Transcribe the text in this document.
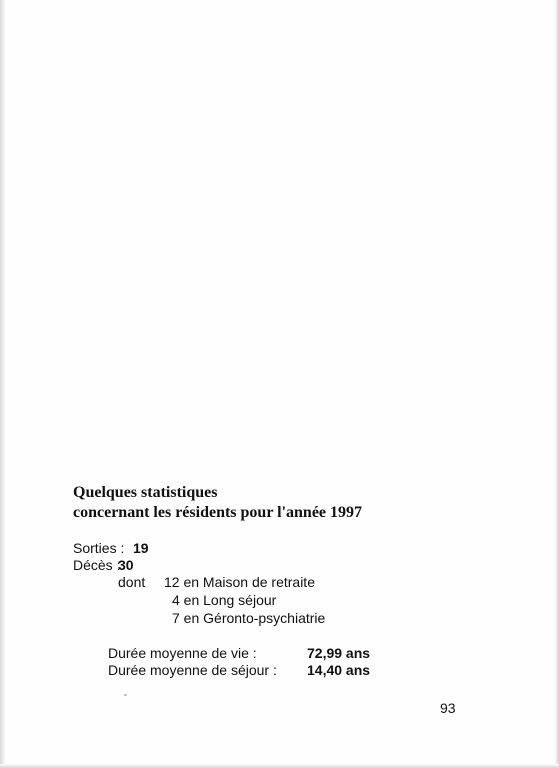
Quelques statistiques
concernant les résidents pour l'année 1997
Sorties : 19
Décès :
30
dont 12 en Maison de retraite
4 en Long séjour
7 en Géronto-psychiatrie
Durée moyenne de vie :	72,99 ans
Durée moyenne de séjour : 14,40 ans
93
